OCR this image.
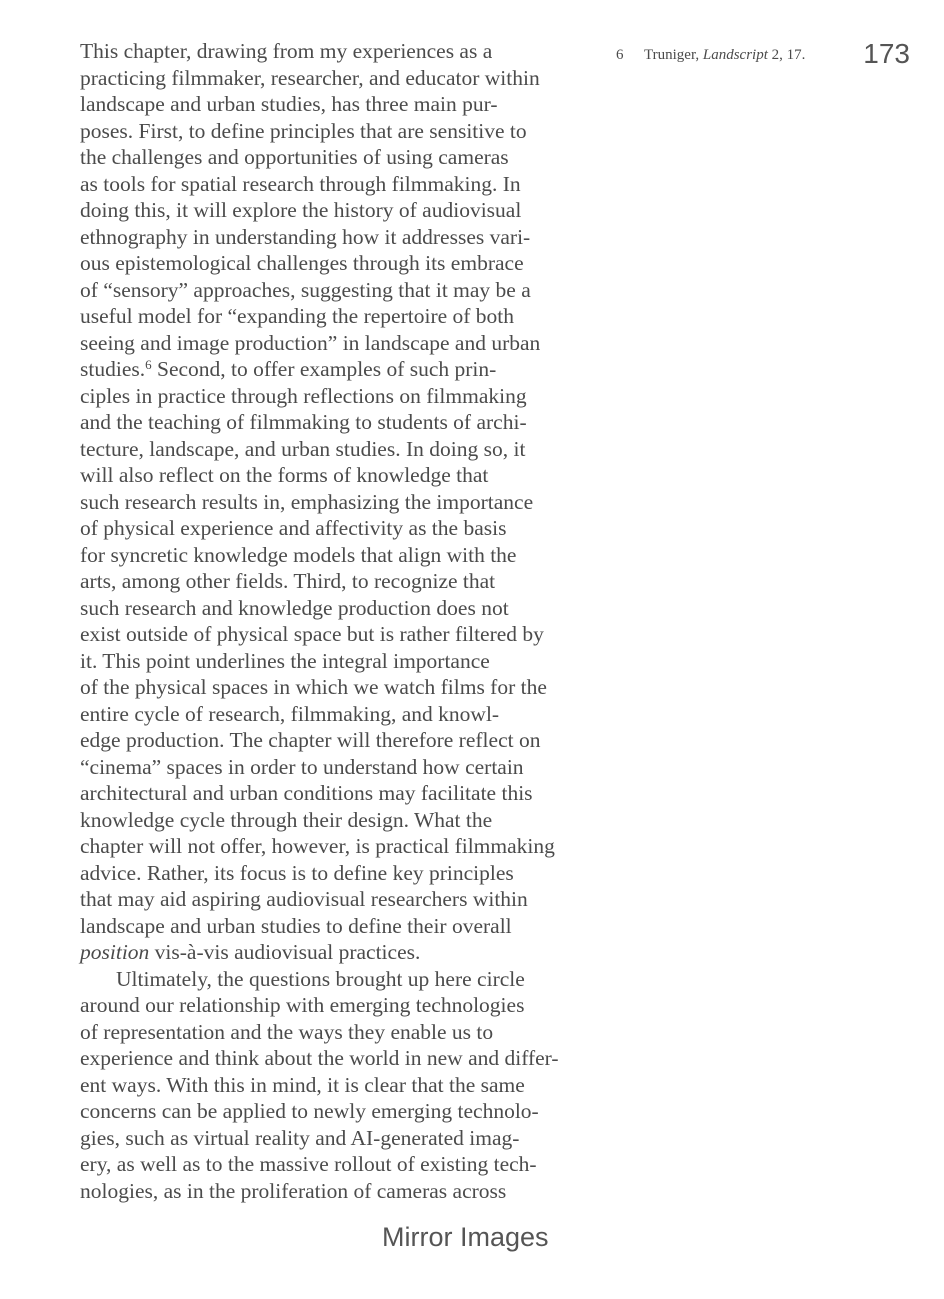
173
6 Truniger, Landscript 2, 17.
This chapter, drawing from my experiences as a
practicing filmmaker, researcher, and educator within
landscape and urban studies, has three main pur-
poses. First, to define principles that are sensitive to
the challenges and opportunities of using cameras
as tools for spatial research through filmmaking. In
doing this, it will explore the history of audiovisual
ethnography in understanding how it addresses vari-
ous epistemological challenges through its embrace
of “sensory” approaches, suggesting that it may be a
useful model for “expanding the repertoire of both
seeing and image production” in landscape and urban
studies.$^6$ Second, to offer examples of such prin-
ciples in practice through reflections on filmmaking
and the teaching of filmmaking to students of archi-
tecture, landscape, and urban studies. In doing so, it
will also reflect on the forms of knowledge that
such research results in, emphasizing the importance
of physical experience and affectivity as the basis
for syncretic knowledge models that align with the
arts, among other fields. Third, to recognize that
such research and knowledge production does not
exist outside of physical space but is rather filtered by
it. This point underlines the integral importance
of the physical spaces in which we watch films for the
entire cycle of research, filmmaking, and knowl-
edge production. The chapter will therefore reflect on
“cinema” spaces in order to understand how certain
architectural and urban conditions may facilitate this
knowledge cycle through their design. What the
chapter will not offer, however, is practical filmmaking
advice. Rather, its focus is to define key principles
that may aid aspiring audiovisual researchers within
landscape and urban studies to define their overall
position vis-à-vis audiovisual practices.
Ultimately, the questions brought up here circle
around our relationship with emerging technologies
of representation and the ways they enable us to
experience and think about the world in new and differ-
ent ways. With this in mind, it is clear that the same
concerns can be applied to newly emerging technolo-
gies, such as virtual reality and AI-generated imag-
ery, as well as to the massive rollout of existing tech-
nologies, as in the proliferation of cameras across
Mirror Images
